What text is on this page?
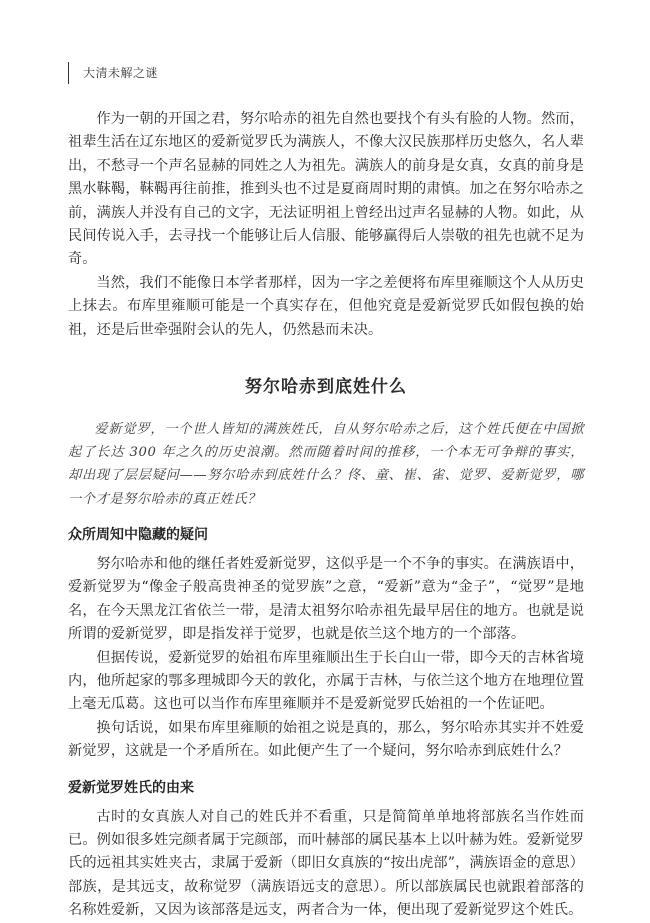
大清未解之谜

作为一朝的开国之君，努尔哈赤的祖先自然也要找个有头有脸的人物。然而，祖辈生活在辽东地区的爱新觉罗氏为满族人，不像大汉民族那样历史悠久，名人辈出，不愁寻一个声名显赫的同姓之人为祖先。满族人的前身是女真，女真的前身是黑水靺鞨，靺鞨再往前推，推到头也不过是夏商周时期的肃慎。加之在努尔哈赤之前，满族人并没有自己的文字，无法证明祖上曾经出过声名显赫的人物。如此，从民间传说入手，去寻找一个能够让后人信服、能够赢得后人崇敬的祖先也就不足为奇。

当然，我们不能像日本学者那样，因为一字之差便将布库里雍顺这个人从历史上抹去。布库里雍顺可能是一个真实存在，但他究竟是爱新觉罗氏如假包换的始祖，还是后世牵强附会认的先人，仍然悬而未决。

努尔哈赤到底姓什么

爱新觉罗，一个世人皆知的满族姓氏，自从努尔哈赤之后，这个姓氏便在中国掀起了长达 300 年之久的历史浪潮。然而随着时间的推移，一个本无可争辩的事实，却出现了层层疑问——努尔哈赤到底姓什么？佟、童、崔、雀、觉罗、爱新觉罗，哪一个才是努尔哈赤的真正姓氏？

众所周知中隐藏的疑问

努尔哈赤和他的继任者姓爱新觉罗，这似乎是一个不争的事实。在满族语中，爱新觉罗为“像金子般高贵神圣的觉罗族”之意，“爱新”意为“金子”，“觉罗”是地名，在今天黑龙江省依兰一带，是清太祖努尔哈赤祖先最早居住的地方。也就是说所谓的爱新觉罗，即是指发祥于觉罗，也就是依兰这个地方的一个部落。

但据传说，爱新觉罗的始祖布库里雍顺出生于长白山一带，即今天的吉林省境内，他所起家的鄂多理城即今天的敦化，亦属于吉林，与依兰这个地方在地理位置上毫无瓜葛。这也可以当作布库里雍顺并不是爱新觉罗氏始祖的一个佐证吧。

换句话说，如果布库里雍顺的始祖之说是真的，那么，努尔哈赤其实并不姓爱新觉罗，这就是一个矛盾所在。如此便产生了一个疑问，努尔哈赤到底姓什么？

爱新觉罗姓氏的由来

古时的女真族人对自己的姓氏并不看重，只是简简单单地将部族名当作姓而已。例如很多姓完颜者属于完颜部，而叶赫部的属民基本上以叶赫为姓。爱新觉罗氏的远祖其实姓夹古，隶属于爱新（即旧女真族的“按出虎部”，满族语金的意思）部族，是其远支，故称觉罗（满族语远支的意思）。所以部族属民也就跟着部落的名称姓爱新，又因为该部落是远支，两者合为一体，便出现了爱新觉罗这个姓氏。
